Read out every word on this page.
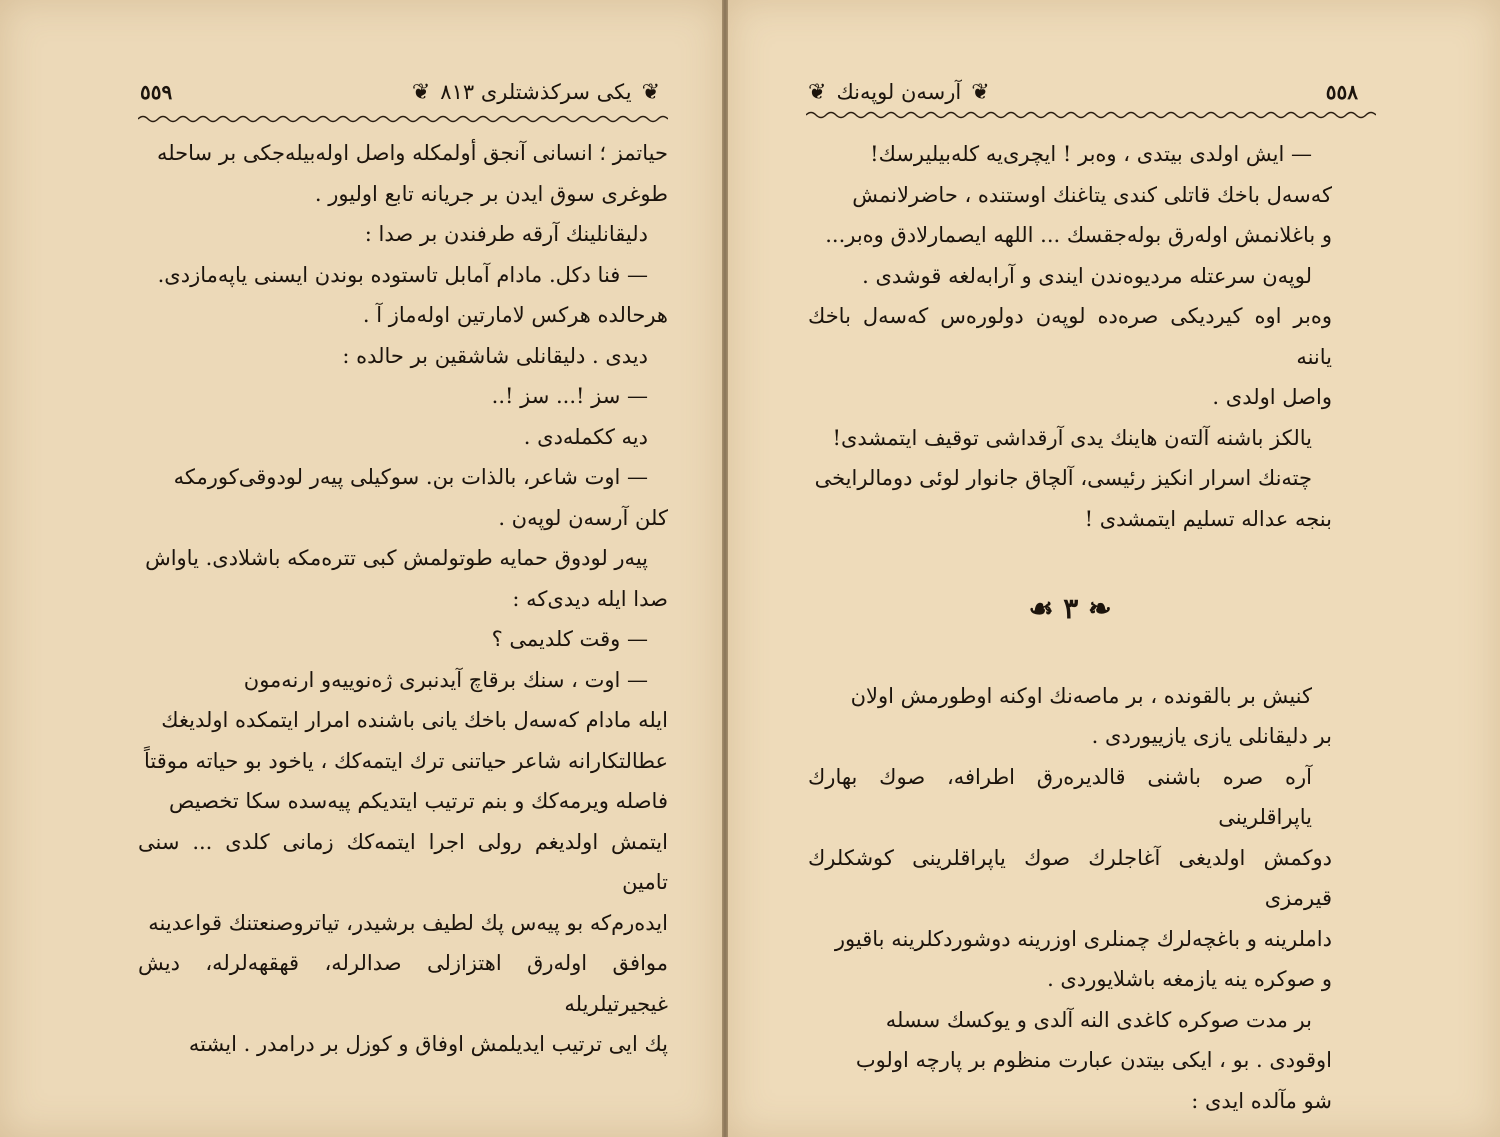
٥٥٩	❦
یکی سرکذشتلری ٨١٣
❦

حیاتمز ؛ انسانی آنجق أولمکله واصل اوله‌بیله‌جکی بر ساحله

طوغری سوق ایدن بر جریانه تابع اولیور .

دلیقانلینك آرقه طرفندن بر صدا :

— فنا دکل. مادام آمابل تاستوده بوندن ایسنی یاپه‌مازدی.

هرحالده هرکس لامارتین اوله‌ماز آ .

دیدی . دلیقانلی شاشقین بر حالده :

— سز !... سز !..

دیه ککمله‌دی .

— اوت شاعر، بالذات بن. سوکیلی پیه‌ر لودوقی‌کورمکه

کلن آرسه‌ن لوپه‌ن .

پیه‌ر لودوق حمایه طوتولمش کبی تتره‌مکه باشلادی. یاواش

صدا ایله دیدی‌که :

— وقت کلدیمی ؟

— اوت ، سنك برقاچ آیدنبری ژه‌نوییه‌و ارنه‌مون

ایله مادام که‌سه‌ل باخك یانی باشنده امرار ایتمکده اولدیغك

عطالتکارانه شاعر حیاتنی ترك ایتمه‌كك ، یاخود بو حیاته موقتاً

فاصله ویرمه‌كك و بنم ترتیب ایتدیکم پیه‌سده سکا تخصیص

ایتمش اولدیغم رولی اجرا ایتمه‌كك زمانی کلدی ... سنی تامین

ایده‌رم‌که بو پیه‌س پك لطیف برشیدر، تیاتروصنعتنك قواعدینه

موافق اوله‌رق اهتزازلی صدالرله، قهقهه‌لرله، دیش غیجیرتیلریله

پك ایی ترتیب ایدیلمش اوفاق و کوزل بر درامدر . ایشته

❦
آرسه‌ن لوپه‌نك
❦	٥٥٨

— ایش اولدی بیتدی ، وه‌بر ! ایچری‌یه کله‌بیلیرسك!

که‌سه‌ل باخك قاتلی کندی یتاغنك اوستنده ، حاضرلانمش

و باغلانمش اوله‌رق بوله‌جقسك ... اللهه ایصمارلادق وه‌بر...

لوپه‌ن سرعتله مردیوه‌ندن ایندی و آرابه‌لغه قوشدی .

وه‌بر اوه کیردیکی صره‌ده لوپه‌ن دولوره‌س که‌سه‌ل باخك یاننه

واصل اولدی .

یالکز باشنه آلته‌ن هاینك یدی آرقداشی توقیف ایتمشدی!

چته‌نك اسرار انکیز رئیسی، آلچاق جانوار لوئی دومالرایخی

بنجه عداله تسلیم ایتمشدی !

❧ ٣ ☙

کنیش بر بالقونده ، بر ماصه‌نك اوکنه اوطورمش اولان

بر دلیقانلی یازی یازییوردی .

آره صره باشنی قالدیره‌رق اطرافه، صوك بهارك یاپراقلرینی

دوکمش اولدیغی آغاجلرك صوك یاپراقلرینی کوشکلرك قیرمزی

داملرینه و باغچه‌لرك چمنلری اوزرینه دوشوردکلرینه باقیور

و صوکره ینه یازمغه باشلایوردی .

بر مدت صوکره کاغدی النه آلدی و یوکسك سسله

اوقودی . بو ، ایکی بیتدن عبارت منظوم بر پارچه اولوب

شو مآلده ایدی :
